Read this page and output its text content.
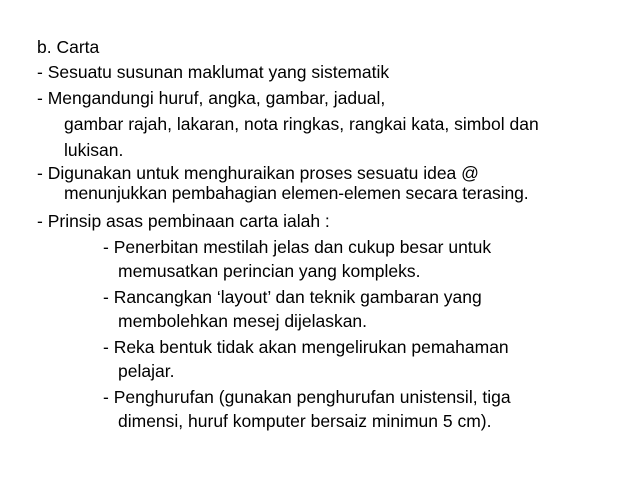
b. Carta

- Sesuatu susunan maklumat yang sistematik

- Mengandungi huruf, angka, gambar, jadual,

gambar rajah, lakaran, nota ringkas, rangkai kata, simbol dan

lukisan.

- Digunakan untuk menghuraikan proses sesuatu idea @

menunjukkan pembahagian elemen-elemen secara terasing.

- Prinsip asas pembinaan carta ialah :

- Penerbitan mestilah jelas dan cukup besar untuk

memusatkan perincian yang kompleks.

- Rancangkan ‘layout’ dan teknik gambaran yang

membolehkan mesej dijelaskan.

- Reka bentuk tidak akan mengelirukan pemahaman

pelajar.

- Penghurufan (gunakan penghurufan unistensil, tiga

dimensi, huruf komputer bersaiz minimun 5 cm).
